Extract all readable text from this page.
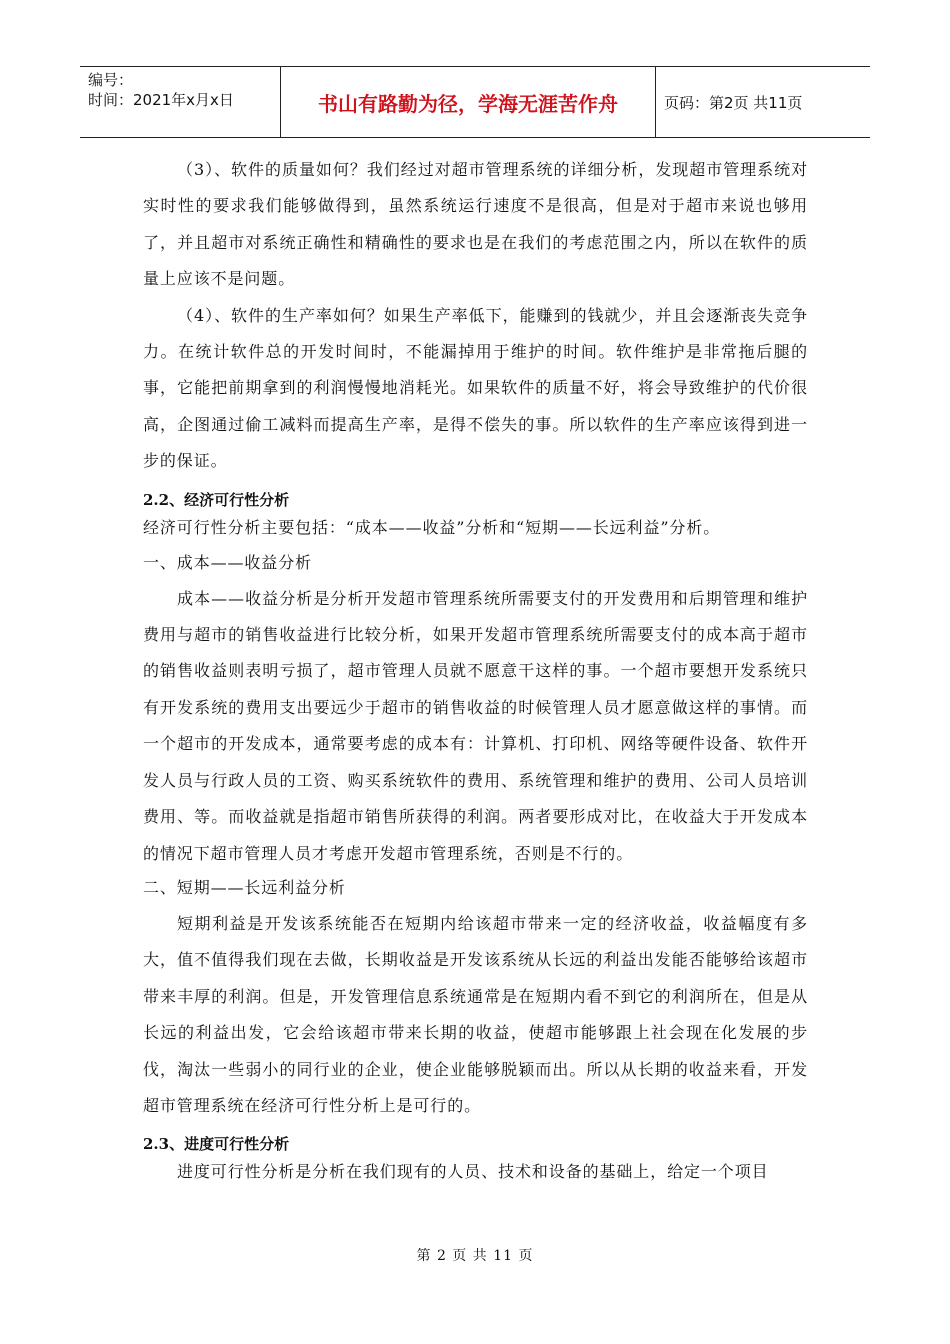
编号：
时间：2021年x月x日	书山有路勤为径，学海无涯苦作舟	页码：第2页 共11页

（3）、软件的质量如何？我们经过对超市管理系统的详细分析，发现超市管理系统对实时性的要求我们能够做得到，虽然系统运行速度不是很高，但是对于超市来说也够用了，并且超市对系统正确性和精确性的要求也是在我们的考虑范围之内，所以在软件的质量上应该不是问题。

（4）、软件的生产率如何？如果生产率低下，能赚到的钱就少，并且会逐渐丧失竞争力。在统计软件总的开发时间时，不能漏掉用于维护的时间。软件维护是非常拖后腿的事，它能把前期拿到的利润慢慢地消耗光。如果软件的质量不好，将会导致维护的代价很高，企图通过偷工减料而提高生产率，是得不偿失的事。所以软件的生产率应该得到进一步的保证。

2.2、经济可行性分析

经济可行性分析主要包括：“成本——收益”分析和“短期——长远利益”分析。

一、成本——收益分析

成本——收益分析是分析开发超市管理系统所需要支付的开发费用和后期管理和维护费用与超市的销售收益进行比较分析，如果开发超市管理系统所需要支付的成本高于超市的销售收益则表明亏损了，超市管理人员就不愿意干这样的事。一个超市要想开发系统只有开发系统的费用支出要远少于超市的销售收益的时候管理人员才愿意做这样的事情。而一个超市的开发成本，通常要考虑的成本有：计算机、打印机、网络等硬件设备、软件开发人员与行政人员的工资、购买系统软件的费用、系统管理和维护的费用、公司人员培训费用、等。而收益就是指超市销售所获得的利润。两者要形成对比，在收益大于开发成本的情况下超市管理人员才考虑开发超市管理系统，否则是不行的。

二、短期——长远利益分析

短期利益是开发该系统能否在短期内给该超市带来一定的经济收益，收益幅度有多大，值不值得我们现在去做，长期收益是开发该系统从长远的利益出发能否能够给该超市带来丰厚的利润。但是，开发管理信息系统通常是在短期内看不到它的利润所在，但是从长远的利益出发，它会给该超市带来长期的收益，使超市能够跟上社会现在化发展的步伐，淘汰一些弱小的同行业的企业，使企业能够脱颖而出。所以从长期的收益来看，开发超市管理系统在经济可行性分析上是可行的。

2.3、进度可行性分析

进度可行性分析是分析在我们现有的人员、技术和设备的基础上，给定一个项目

第 2 页 共 11 页
